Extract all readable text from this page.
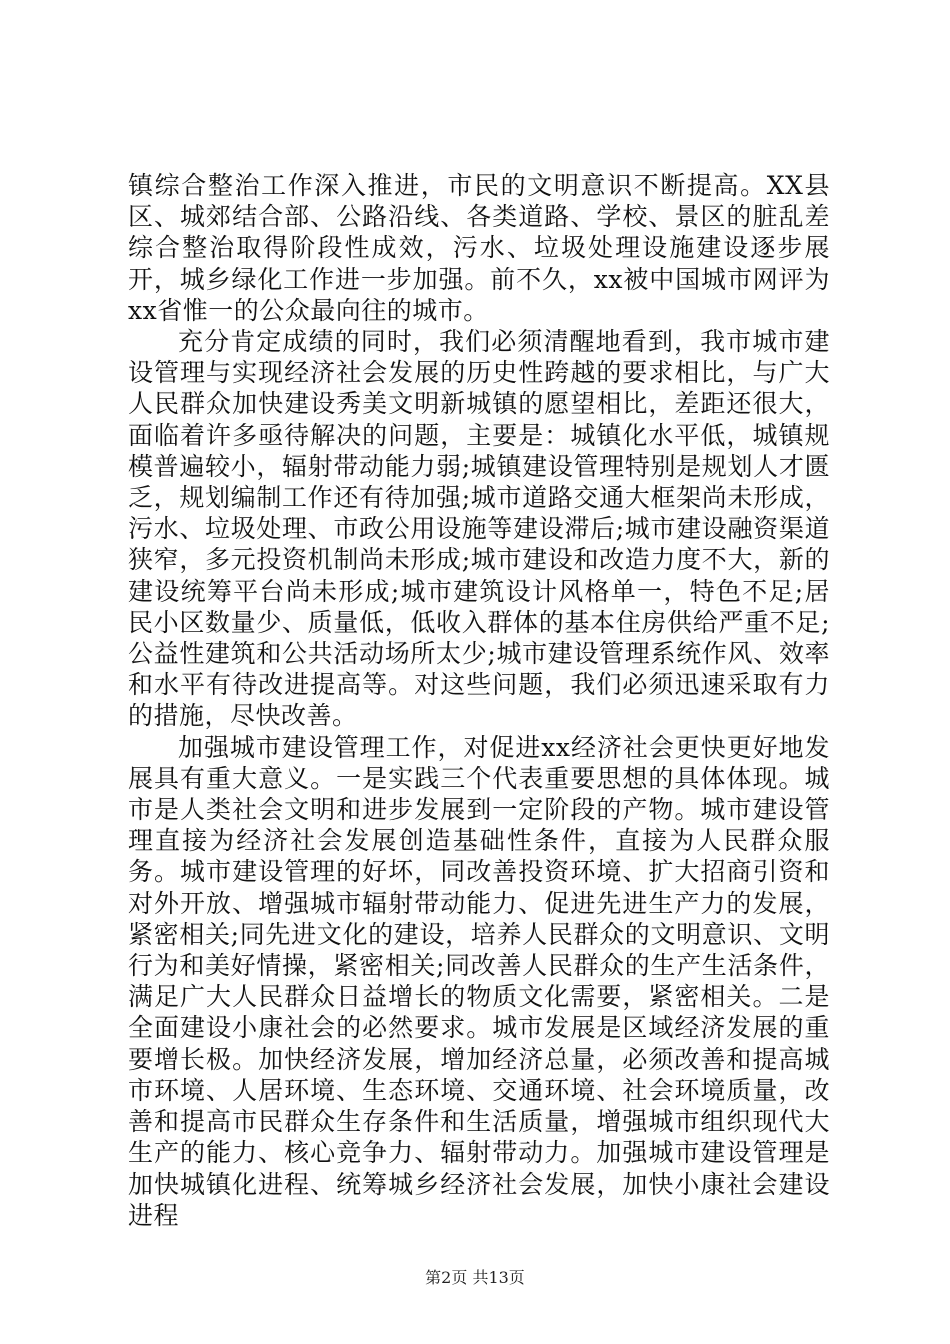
镇综合整治工作深入推进，市民的文明意识不断提高。XX县区、城郊结合部、公路沿线、各类道路、学校、景区的脏乱差综合整治取得阶段性成效，污水、垃圾处理设施建设逐步展开，城乡绿化工作进一步加强。前不久，xx被中国城市网评为xx省惟一的公众最向往的城市。

充分肯定成绩的同时，我们必须清醒地看到，我市城市建设管理与实现经济社会发展的历史性跨越的要求相比，与广大人民群众加快建设秀美文明新城镇的愿望相比，差距还很大，面临着许多亟待解决的问题，主要是：城镇化水平低，城镇规模普遍较小，辐射带动能力弱;城镇建设管理特别是规划人才匮乏，规划编制工作还有待加强;城市道路交通大框架尚未形成，污水、垃圾处理、市政公用设施等建设滞后;城市建设融资渠道狭窄，多元投资机制尚未形成;城市建设和改造力度不大，新的建设统筹平台尚未形成;城市建筑设计风格单一，特色不足;居民小区数量少、质量低，低收入群体的基本住房供给严重不足;公益性建筑和公共活动场所太少;城市建设管理系统作风、效率和水平有待改进提高等。对这些问题，我们必须迅速采取有力的措施，尽快改善。

加强城市建设管理工作，对促进xx经济社会更快更好地发展具有重大意义。一是实践三个代表重要思想的具体体现。城市是人类社会文明和进步发展到一定阶段的产物。城市建设管理直接为经济社会发展创造基础性条件，直接为人民群众服务。城市建设管理的好坏，同改善投资环境、扩大招商引资和对外开放、增强城市辐射带动能力、促进先进生产力的发展，紧密相关;同先进文化的建设，培养人民群众的文明意识、文明行为和美好情操，紧密相关;同改善人民群众的生产生活条件，满足广大人民群众日益增长的物质文化需要，紧密相关。二是全面建设小康社会的必然要求。城市发展是区域经济发展的重要增长极。加快经济发展，增加经济总量，必须改善和提高城市环境、人居环境、生态环境、交通环境、社会环境质量，改善和提高市民群众生存条件和生活质量，增强城市组织现代大生产的能力、核心竞争力、辐射带动力。加强城市建设管理是加快城镇化进程、统筹城乡经济社会发展，加快小康社会建设进程

第2页 共13页
